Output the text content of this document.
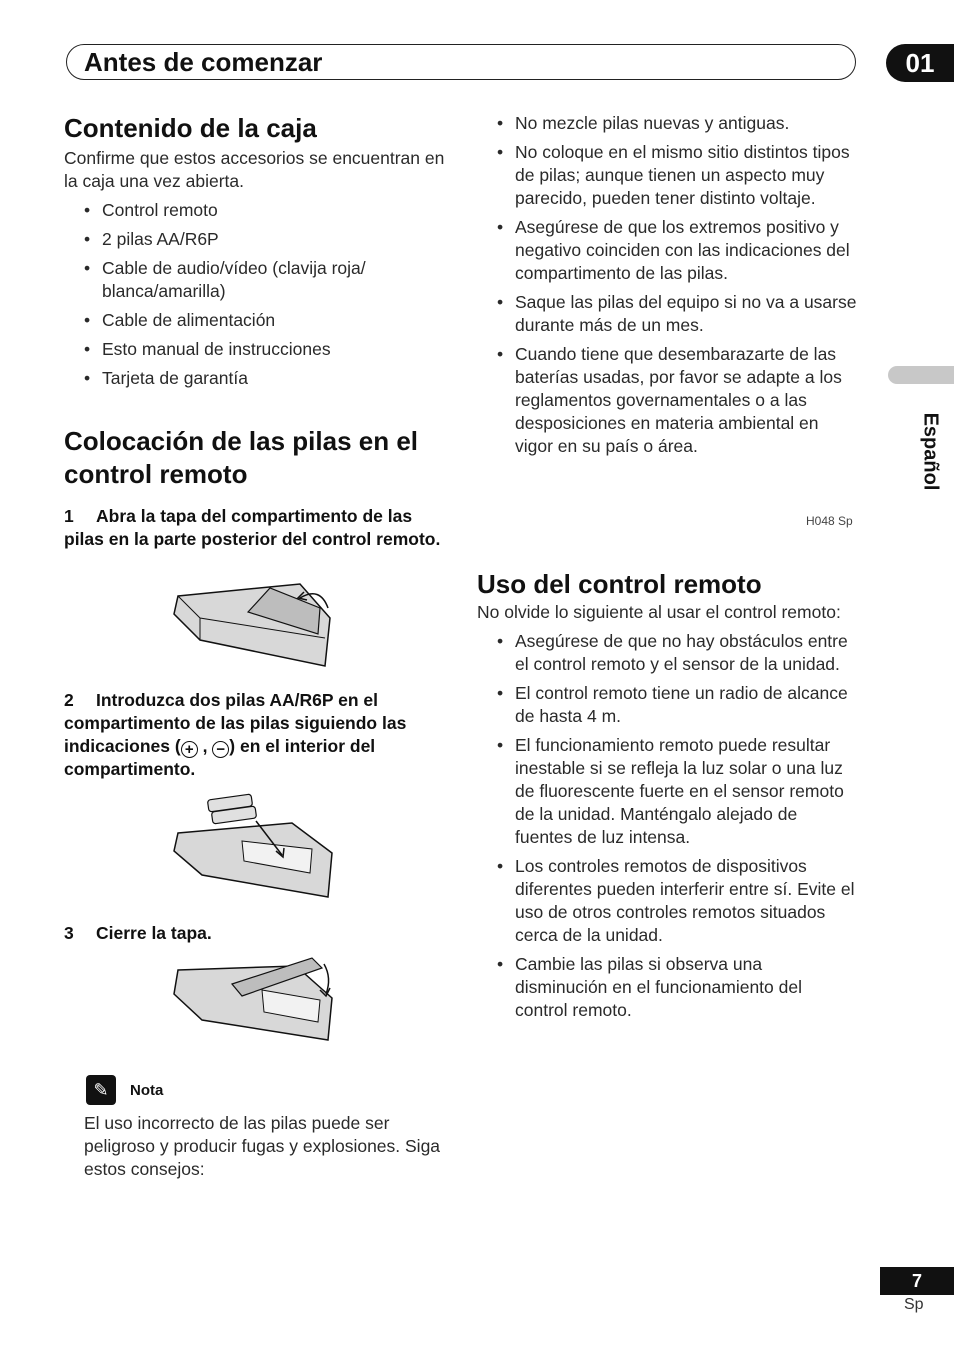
Antes de comenzar	01
Español
Contenido de la caja
Confirme que estos accesorios se encuentran en la caja una vez abierta.
• Control remoto
• 2 pilas AA/R6P
• Cable de audio/vídeo (clavija roja/ blanca/amarilla)
• Cable de alimentación
• Esto manual de instrucciones
• Tarjeta de garantía
Colocación de las pilas en el control remoto
1 Abra la tapa del compartimento de las pilas en la parte posterior del control remoto.
2 Introduzca dos pilas AA/R6P en el compartimento de las pilas siguiendo las indicaciones ( + , − ) en el interior del compartimento.
3 Cierre la tapa.
✎	Nota
El uso incorrecto de las pilas puede ser peligroso y producir fugas y explosiones. Siga estos consejos:
• No mezcle pilas nuevas y antiguas.
• No coloque en el mismo sitio distintos tipos de pilas; aunque tienen un aspecto muy parecido, pueden tener distinto voltaje.
• Asegúrese de que los extremos positivo y negativo coinciden con las indicaciones del compartimento de las pilas.
• Saque las pilas del equipo si no va a usarse durante más de un mes.
• Cuando tiene que desembarazarte de las baterías usadas, por favor se adapte a los reglamentos governamentales o a las desposiciones en materia ambiental en vigor en su país o área.
H048 Sp
Uso del control remoto
No olvide lo siguiente al usar el control remoto:
• Asegúrese de que no hay obstáculos entre el control remoto y el sensor de la unidad.
• El control remoto tiene un radio de alcance de hasta 4 m.
• El funcionamiento remoto puede resultar inestable si se refleja la luz solar o una luz de fluorescente fuerte en el sensor remoto de la unidad. Manténgalo alejado de fuentes de luz intensa.
• Los controles remotos de dispositivos diferentes pueden interferir entre sí. Evite el uso de otros controles remotos situados cerca de la unidad.
• Cambie las pilas si observa una disminución en el funcionamiento del control remoto.
7
Sp
